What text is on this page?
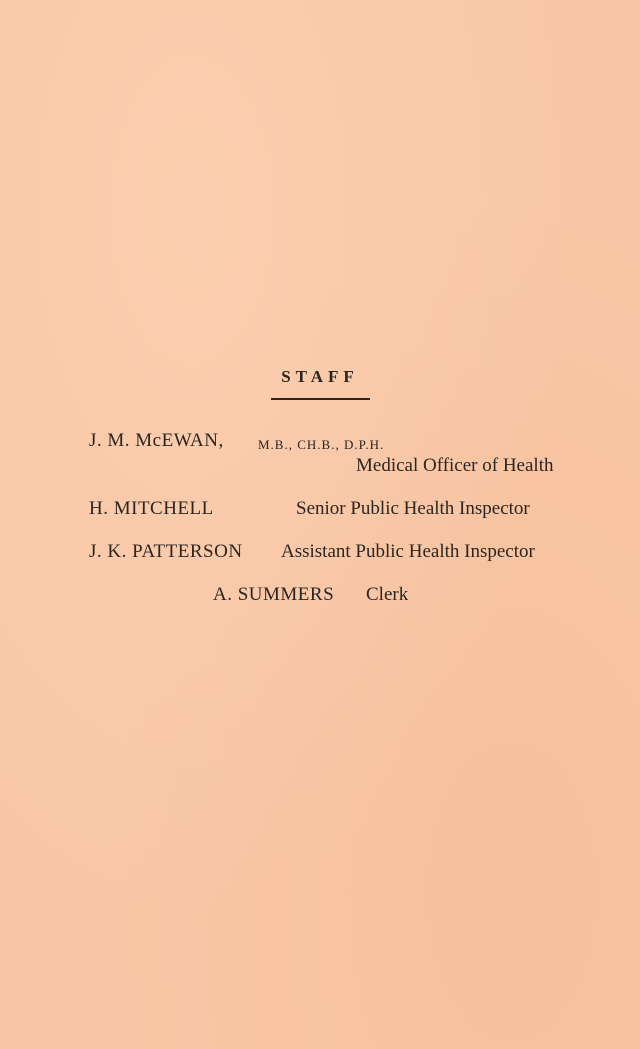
STAFF
J. M. McEWAN,	M.B., CH.B., D.P.H.
Medical Officer of Health
H. MITCHELL	Senior Public Health Inspector
J. K. PATTERSON Assistant Public Health Inspector
A. SUMMERS Clerk
